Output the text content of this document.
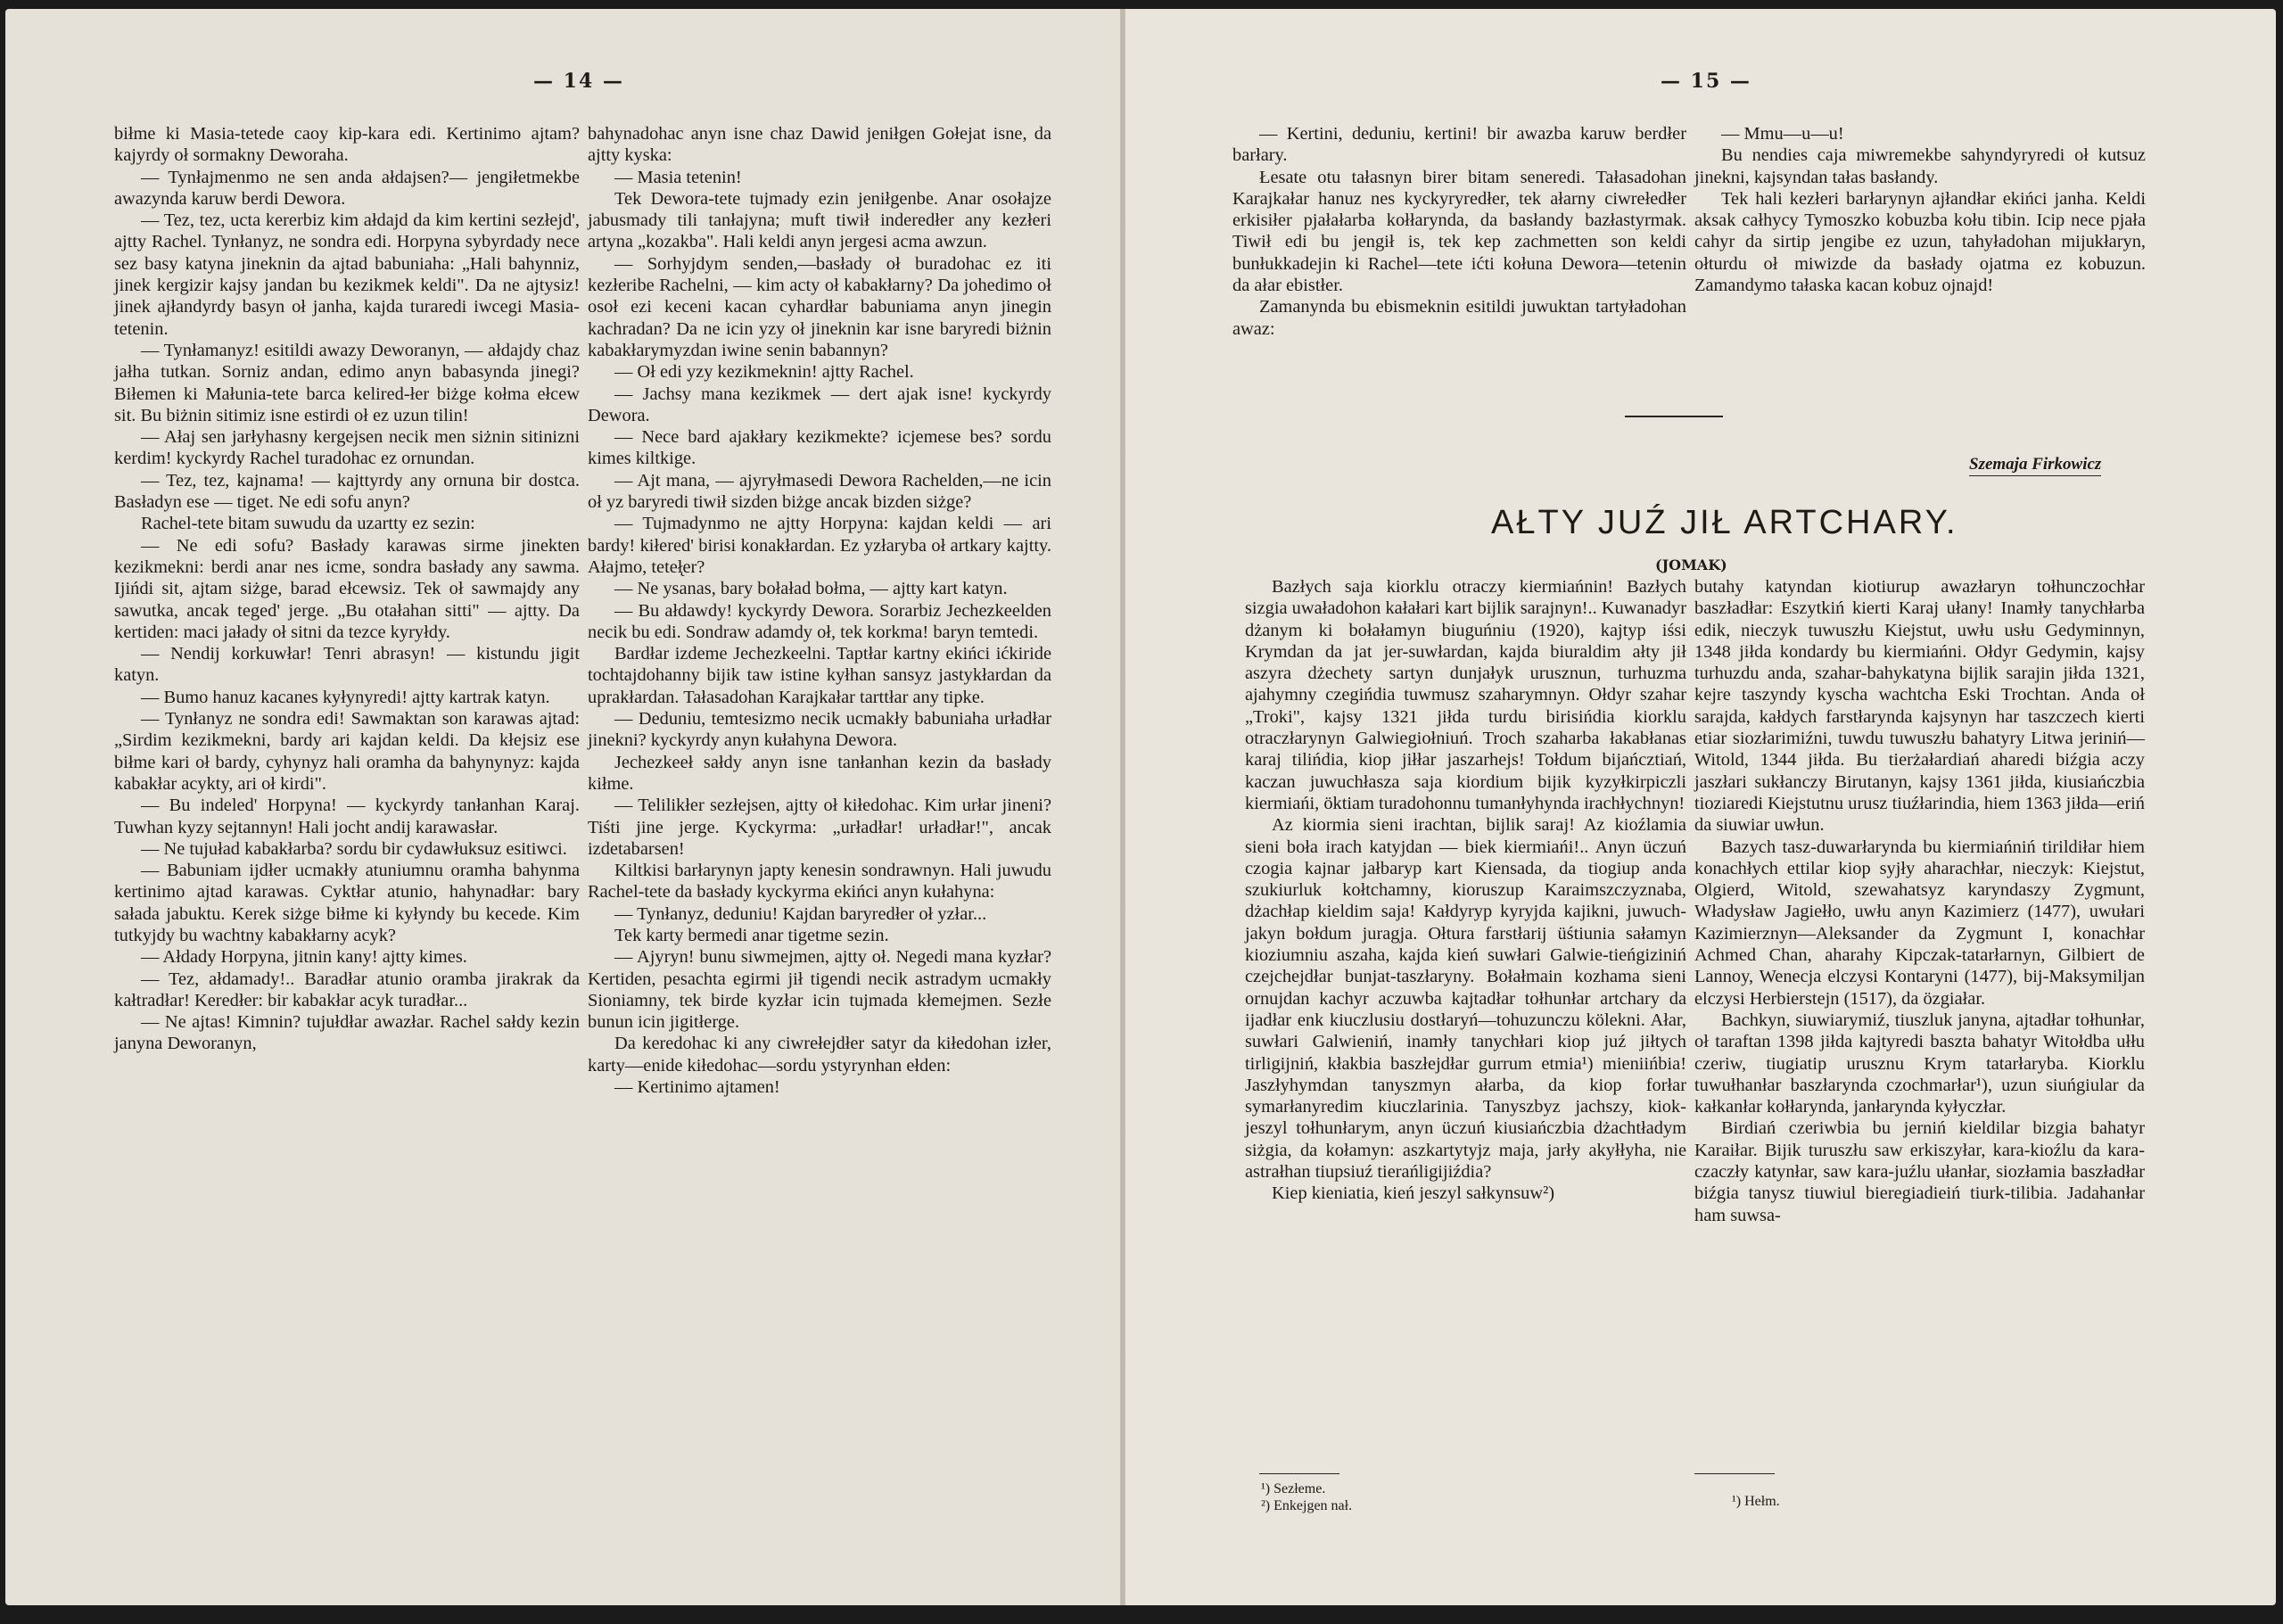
— 14 —

biłme ki Masia-tetede caoy kip-kara edi. Kertinimo ajtam? kajyrdy oł sormakny Deworaha.

— Tynłajmenmo ne sen anda ałdajsen?— jengiłetmekbe awazynda karuw berdi Dewora.

— Tez, tez, ucta kererbiz kim ałdajd da kim kertini sezłejd', ajtty Rachel. Tynłanyz, ne sondra edi. Horpyna sybyrdady nece sez basy katyna jineknin da ajtad babuniaha: „Hali bahynniz, jinek kergizir kajsy jandan bu kezikmek keldi". Da ne ajtysiz! jinek ajłandyrdy basyn oł janha, kajda turaredi iwcegi Masia-tetenin.

— Tynłamanyz! esitildi awazy Deworanyn, — ałdajdy chaz jałha tutkan. Sorniz andan, edimo anyn babasynda jinegi? Biłemen ki Małunia-tete barca kelired-łer biżge kołma ełcew sit. Bu biżnin sitimiz isne estirdi oł ez uzun tilin!

— Ałaj sen jarłyhasny kergejsen necik men siżnin sitinizni kerdim! kyckyrdy Rachel turadohac ez ornundan.

— Tez, tez, kajnama! — kajttyrdy any ornuna bir dostca. Basładyn ese — tiget. Ne edi sofu anyn?

Rachel-tete bitam suwudu da uzartty ez sezin:

— Ne edi sofu? Basłady karawas sirme jinekten kezikmekni: berdi anar nes icme, sondra basłady any sawma. Ijińdi sit, ajtam siżge, barad ełcewsiz. Tek oł sawmajdy any sawutka, ancak teged' jerge. „Bu otałahan sitti" — ajtty. Da kertiden: maci jałady oł sitni da tezce kyryłdy.

— Nendij korkuwłar! Tenri abrasyn! — kistundu jigit katyn.

— Bumo hanuz kacanes kyłynyredi! ajtty kartrak katyn.

— Tynłanyz ne sondra edi! Sawmaktan son karawas ajtad: „Sirdim kezikmekni, bardy ari kajdan keldi. Da kłejsiz ese biłme kari oł bardy, cyhynyz hali oramha da bahynynyz: kajda kabakłar acykty, ari oł kirdi".

— Bu indeled' Horpyna! — kyckyrdy tanłanhan Karaj. Tuwhan kyzy sejtannyn! Hali jocht andij karawasłar.

— Ne tujuład kabakłarba? sordu bir cydawłuksuz esitiwci.

— Babuniam ijdłer ucmakły atuniumnu oramha bahynma kertinimo ajtad karawas. Cyktłar atunio, hahynadłar: bary sałada jabuktu. Kerek siżge biłme ki kyłyndy bu kecede. Kim tutkyjdy bu wachtny kabakłarny acyk?

— Ałdady Horpyna, jitnin kany! ajtty kimes.

— Tez, ałdamady!.. Baradłar atunio oramba jirakrak da kałtradłar! Keredłer: bir kabakłar acyk turadłar...

— Ne ajtas! Kimnin? tujułdłar awazłar. Rachel sałdy kezin janyna Deworanyn,

bahynadohac anyn isne chaz Dawid jeniłgen Gołejat isne, da ajtty kyska:

— Masia tetenin!

Tek Dewora-tete tujmady ezin jeniłgenbe. Anar osołajze jabusmady tili tanłajyna; muft tiwił inderedłer any kezłeri artyna „kozakba". Hali keldi anyn jergesi acma awzun.

— Sorhyjdym senden,—basłady oł buradohac ez iti kezłeribe Rachelni, — kim acty oł kabakłarny? Da johedimo oł osoł ezi keceni kacan cyhardłar babuniama anyn jinegin kachradan? Da ne icin yzy oł jineknin kar isne baryredi biżnin kabakłarymyzdan iwine senin babannyn?

— Oł edi yzy kezikmeknin! ajtty Rachel.

— Jachsy mana kezikmek — dert ajak isne! kyckyrdy Dewora.

— Nece bard ajakłary kezikmekte? icjemese bes? sordu kimes kiltkige.

— Ajt mana, — ajyryłmasedi Dewora Rachelden,—ne icin oł yz baryredi tiwił sizden biżge ancak bizden siżge?

— Tujmadynmo ne ajtty Horpyna: kajdan keldi — ari bardy! kiłered' birisi konakłardan. Ez yzłaryba oł artkary kajtty. Ałajmo, teteł̨er?

— Ne ysanas, bary bołaład bołma, — ajtty kart katyn.

— Bu ałdawdy! kyckyrdy Dewora. Sorarbiz Jechezkeelden necik bu edi. Sondraw adamdy oł, tek korkma! baryn temtedi.

Bardłar izdeme Jechezkeelni. Taptłar kartny ekińci ićkiride tochtajdohanny bijik taw istine kyłhan sansyz jastykłardan da uprakłardan. Tałasadohan Karajkałar tarttłar any tipke.

— Deduniu, temtesizmo necik ucmakły babuniaha urładłar jinekni? kyckyrdy anyn kułahyna Dewora.

Jechezkeeł sałdy anyn isne tanłanhan kezin da basłady kiłme.

— Telilikłer sezłejsen, ajtty oł kiłedohac. Kim urłar jineni? Tiśti jine jerge. Kyckyrma: „urładłar! urładłar!", ancak izdetabarsen!

Kiltkisi barłarynyn japty kenesin sondrawnyn. Hali juwudu Rachel-tete da basłady kyckyrma ekińci anyn kułahyna:

— Tynłanyz, deduniu! Kajdan baryredłer oł yzłar...

Tek karty bermedi anar tigetme sezin.

— Ajyryn! bunu siwmejmen, ajtty oł. Negedi mana kyzłar? Kertiden, pesachta egirmi jił tigendi necik astradym ucmakły Sioniamny, tek birde kyzłar icin tujmada kłemejmen. Sezłe bunun icin jigitłerge.

Da keredohac ki any ciwrełejdłer satyr da kiłedohan izłer, karty—enide kiłedohac—sordu ystyrynhan ełden:

— Kertinimo ajtamen!

— 15 —

— Kertini, deduniu, kertini! bir awazba karuw berdłer barłary.

Łesate otu tałasnyn birer bitam seneredi. Tałasadohan Karajkałar hanuz nes kyckyryredłer, tek ałarny ciwrełedłer erkisiłer pjałałarba kołłarynda, da basłandy bazłastyrmak. Tiwił edi bu jengił is, tek kep zachmetten son keldi bunłukkadejin ki Rachel—tete ićti kołuna Dewora—tetenin da ałar ebistłer.

Zamanynda bu ebismeknin esitildi juwuktan tartyładohan awaz:

— Mmu—u—u!

Bu nendies caja miwremekbe sahyndyryredi oł kutsuz jinekni, kajsyndan tałas basłandy.

Tek hali kezłeri barłarynyn ajłandłar ekińci janha. Keldi aksak całhycy Tymoszko kobuzba kołu tibin. Icip nece pjała cahyr da sirtip jengibe ez uzun, tahyładohan mijukłaryn, ołturdu oł miwizde da basłady ojatma ez kobuzun. Zamandymo tałaska kacan kobuz ojnajd!

Szemaja Firkowicz
AŁTY JUŹ JIŁ ARTCHARY.
(JOMAK)

Bazłych saja kiorklu otraczy kiermiańnin! Bazłych sizgia uwaładohon kałałari kart bijlik sarajnyn!.. Kuwanadyr dżanym ki bołałamyn biuguńniu (1920), kajtyp iśsi Krymdan da jat jer-suwłardan, kajda biuraldim ałty jił aszyra dżechety sartyn dunjałyk urusznun, turhuzma ajahymny czegińdia tuwmusz szaharymnyn. Ołdyr szahar „Troki", kajsy 1321 jiłda turdu birisińdia kiorklu otraczłarynyn Galwiegiołniuń. Troch szaharba łakabłanas karaj tilińdia, kiop jiłłar jaszarhejs! Tołdum bijańcztiań, kaczan juwuchłasza saja kiordium bijik kyzyłkirpiczli kiermiańi, öktiam turadohonnu tumanłyhynda irachłychnyn!

Az kiormia sieni irachtan, bijlik saraj! Az kioźlamia sieni boła irach katyjdan — biek kiermiańi!.. Anyn üczuń czogia kajnar jałbaryp kart Kiensada, da tiogiup anda szukiurluk kołtchamny, kioruszup Karaimszczyznaba, dżachłap kieldim saja! Kałdyryp kyryjda kajikni, juwuch-jakyn bołdum juragja. Ołtura farstłarij üśtiunia sałamyn kioziumniu aszaha, kajda kień suwłari Galwie-tieńgiziniń czejchejdłar bunjat-taszłaryny. Bołałmain kozhama sieni ornujdan kachyr aczuwba kajtadłar tołhunłar artchary da ijadłar enk kiuczlusiu dostłaryń—tohuzunczu kölekni. Ałar, suwłari Galwieniń, inamły tanychłari kiop juź jiłtych tirligijniń, kłakbia baszłejdłar gurrum etmia¹) mieniińbia! Jaszłyhymdan tanyszmyn ałarba, da kiop forłar symarłanyredim kiuczlarinia. Tanyszbyz jachszy, kiok-jeszyl tołhunłarym, anyn üczuń kiusiańczbia dżachtładym siżgia, da kołamyn: aszkartytyjz maja, jarły akyłłyha, nie astrałhan tiupsiuź tierańligijiźdia?

Kiep kieniatia, kień jeszyl sałkynsuw²)

butahy katyndan kiotiurup awazłaryn tołhunczochłar baszładłar: Eszytkiń kierti Karaj ułany! Inamły tanychłarba edik, nieczyk tuwuszłu Kiejstut, uwłu usłu Gedyminnyn, 1348 jiłda kondardy bu kiermiańni. Ołdyr Gedymin, kajsy turhuzdu anda, szahar-bahykatyna bijlik sarajin jiłda 1321, kejre taszyndy kyscha wachtcha Eski Trochtan. Anda oł sarajda, kałdych farstłarynda kajsynyn har taszczech kierti etiar siozłarimiźni, tuwdu tuwuszłu bahatyry Litwa jeriniń—Witold, 1344 jiłda. Bu tierżałardiań aharedi biźgia aczy jaszłari sukłanczy Birutanyn, kajsy 1361 jiłda, kiusiańczbia tioziaredi Kiejstutnu urusz tiuźłarindia, hiem 1363 jiłda—eriń da siuwiar uwłun.

Bazych tasz-duwarłarynda bu kiermiańniń tirildiłar hiem konachłych ettilar kiop syjły aharachłar, nieczyk: Kiejstut, Olgierd, Witold, szewahatsyz karyndaszy Zygmunt, Władysław Jagiełło, uwłu anyn Kazimierz (1477), uwułari Kazimierznyn—Aleksander da Zygmunt I, konachłar Achmed Chan, aharahy Kipczak-tatarłarnyn, Gilbiert de Lannoy, Wenecja elczysi Kontaryni (1477), bij-Maksymiljan elczysi Herbierstejn (1517), da özgiałar.

Bachkyn, siuwiarymiź, tiuszluk janyna, ajtadłar tołhunłar, oł taraftan 1398 jiłda kajtyredi baszta bahatyr Witołdba ułłu czeriw, tiugiatip urusznu Krym tatarłaryba. Kiorklu tuwułhanłar baszłarynda czochmarłar¹), uzun siuńgiular da kałkanłar kołłarynda, janłarynda kyłyczłar.

Birdiań czeriwbia bu jerniń kieldilar bizgia bahatyr Karaiłar. Bijik turuszłu saw erkiszyłar, kara-kioźlu da kara-czaczły katynłar, saw kara-juźlu ułanłar, siozłamia baszładłar biźgia tanysz tiuwiul bieregiadieiń tiurk-tilibia. Jadahanłar ham suwsa-

¹) Sezłeme.
²) Enkejgen nał.	¹) Hełm.
